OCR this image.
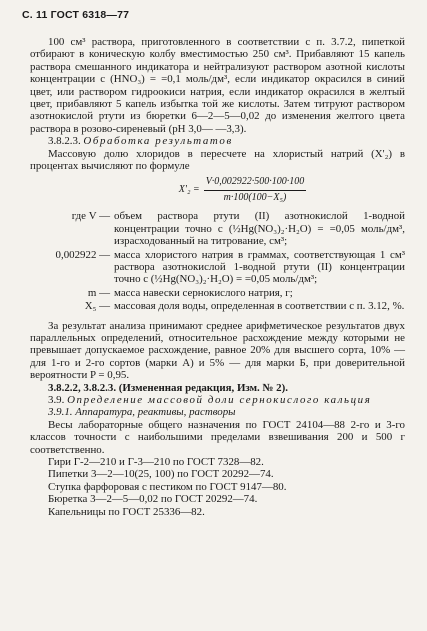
С. 11 ГОСТ 6318—77

100 см³ раствора, приготовленного в соответствии с п. 3.7.2, пипеткой отбирают в коническую колбу вместимостью 250 см³. Прибавляют 15 капель раствора смешанного индикатора и нейтрализуют раствором азотной кислоты концентрации с (HNO₃) = =0,1 моль/дм³, если индикатор окрасился в синий цвет, или раствором гидроокиси натрия, если индикатор окрасился в желтый цвет, прибавляют 5 капель избытка той же кислоты. Затем титруют раствором азотнокислой ртути из бюретки 6—2—5—0,02 до изменения желтого цвета раствора в розово-сиреневый (рН 3,0— —3,3).

3.8.2.3. Обработка результатов

Массовую долю хлоридов в пересчете на хлористый натрий (X'₂) в процентах вычисляют по формуле

$X'_2 = \frac{V\cdot 0,002922\cdot 500\cdot 100\cdot 100}{\text{m·100(100−X₅)}}$
где V — объем раствора ртути (II) азотнокислой 1-водной концентрации точно с (½Hg(NO₃)₂·H₂O) = =0,05 моль/дм³, израсходованный на титрование, см³;
0,002922 — масса хлористого натрия в граммах, соответствующая 1 см³ раствора азотнокислой 1-водной ртути (II) концентрации точно с (½Hg(NO₃)₂·H₂O) = =0,05 моль/дм³;
m — масса навески сернокислого натрия, г;
X₅ — массовая доля воды, определенная в соответствии с п. 3.12, %.

За результат анализа принимают среднее арифметическое результатов двух параллельных определений, относительное расхождение между которыми не превышает допускаемое расхождение, равное 20% для высшего сорта, 10% — для 1-го и 2-го сортов (марки А) и 5% — для марки Б, при доверительной вероятности P = 0,95.

3.8.2.2, 3.8.2.3. (Измененная редакция, Изм. № 2).

3.9. Определение массовой доли сернокислого кальция

3.9.1. Аппаратура, реактивы, растворы

Весы лабораторные общего назначения по ГОСТ 24104—88 2-го и 3-го классов точности с наибольшими пределами взвешивания 200 и 500 г соответственно.

Гири Г-2—210 и Г-3—210 по ГОСТ 7328—82.

Пипетки 3—2—10(25, 100) по ГОСТ 20292—74.

Ступка фарфоровая с пестиком по ГОСТ 9147—80.

Бюретка 3—2—5—0,02 по ГОСТ 20292—74.

Капельницы по ГОСТ 25336—82.
